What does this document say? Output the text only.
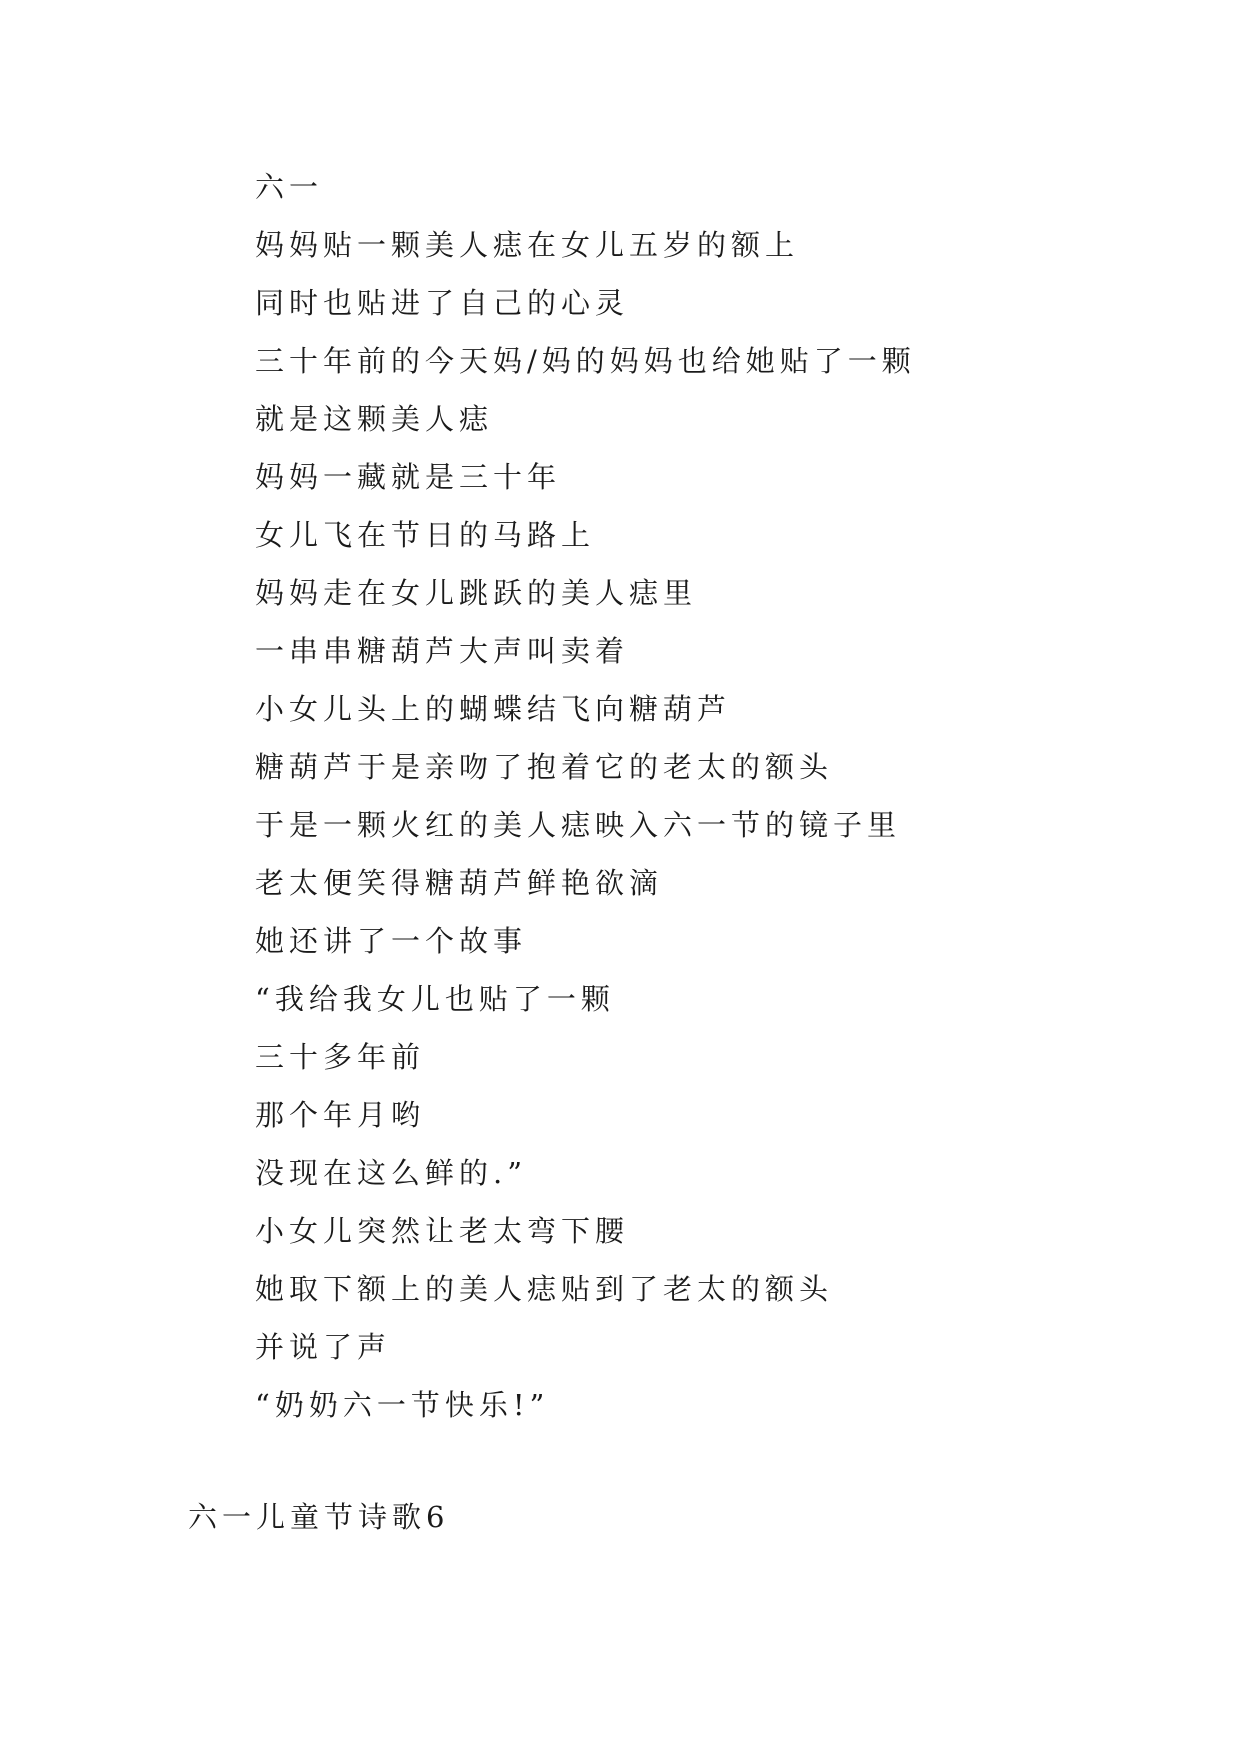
六一
妈妈贴一颗美人痣在女儿五岁的额上
同时也贴进了自己的心灵
三十年前的今天妈/妈的妈妈也给她贴了一颗
就是这颗美人痣
妈妈一藏就是三十年
女儿飞在节日的马路上
妈妈走在女儿跳跃的美人痣里
一串串糖葫芦大声叫卖着
小女儿头上的蝴蝶结飞向糖葫芦
糖葫芦于是亲吻了抱着它的老太的额头
于是一颗火红的美人痣映入六一节的镜子里
老太便笑得糖葫芦鲜艳欲滴
她还讲了一个故事
“我给我女儿也贴了一颗
三十多年前
那个年月哟
没现在这么鲜的.”
小女儿突然让老太弯下腰
她取下额上的美人痣贴到了老太的额头
并说了声
“奶奶六一节快乐!”
六一儿童节诗歌6
